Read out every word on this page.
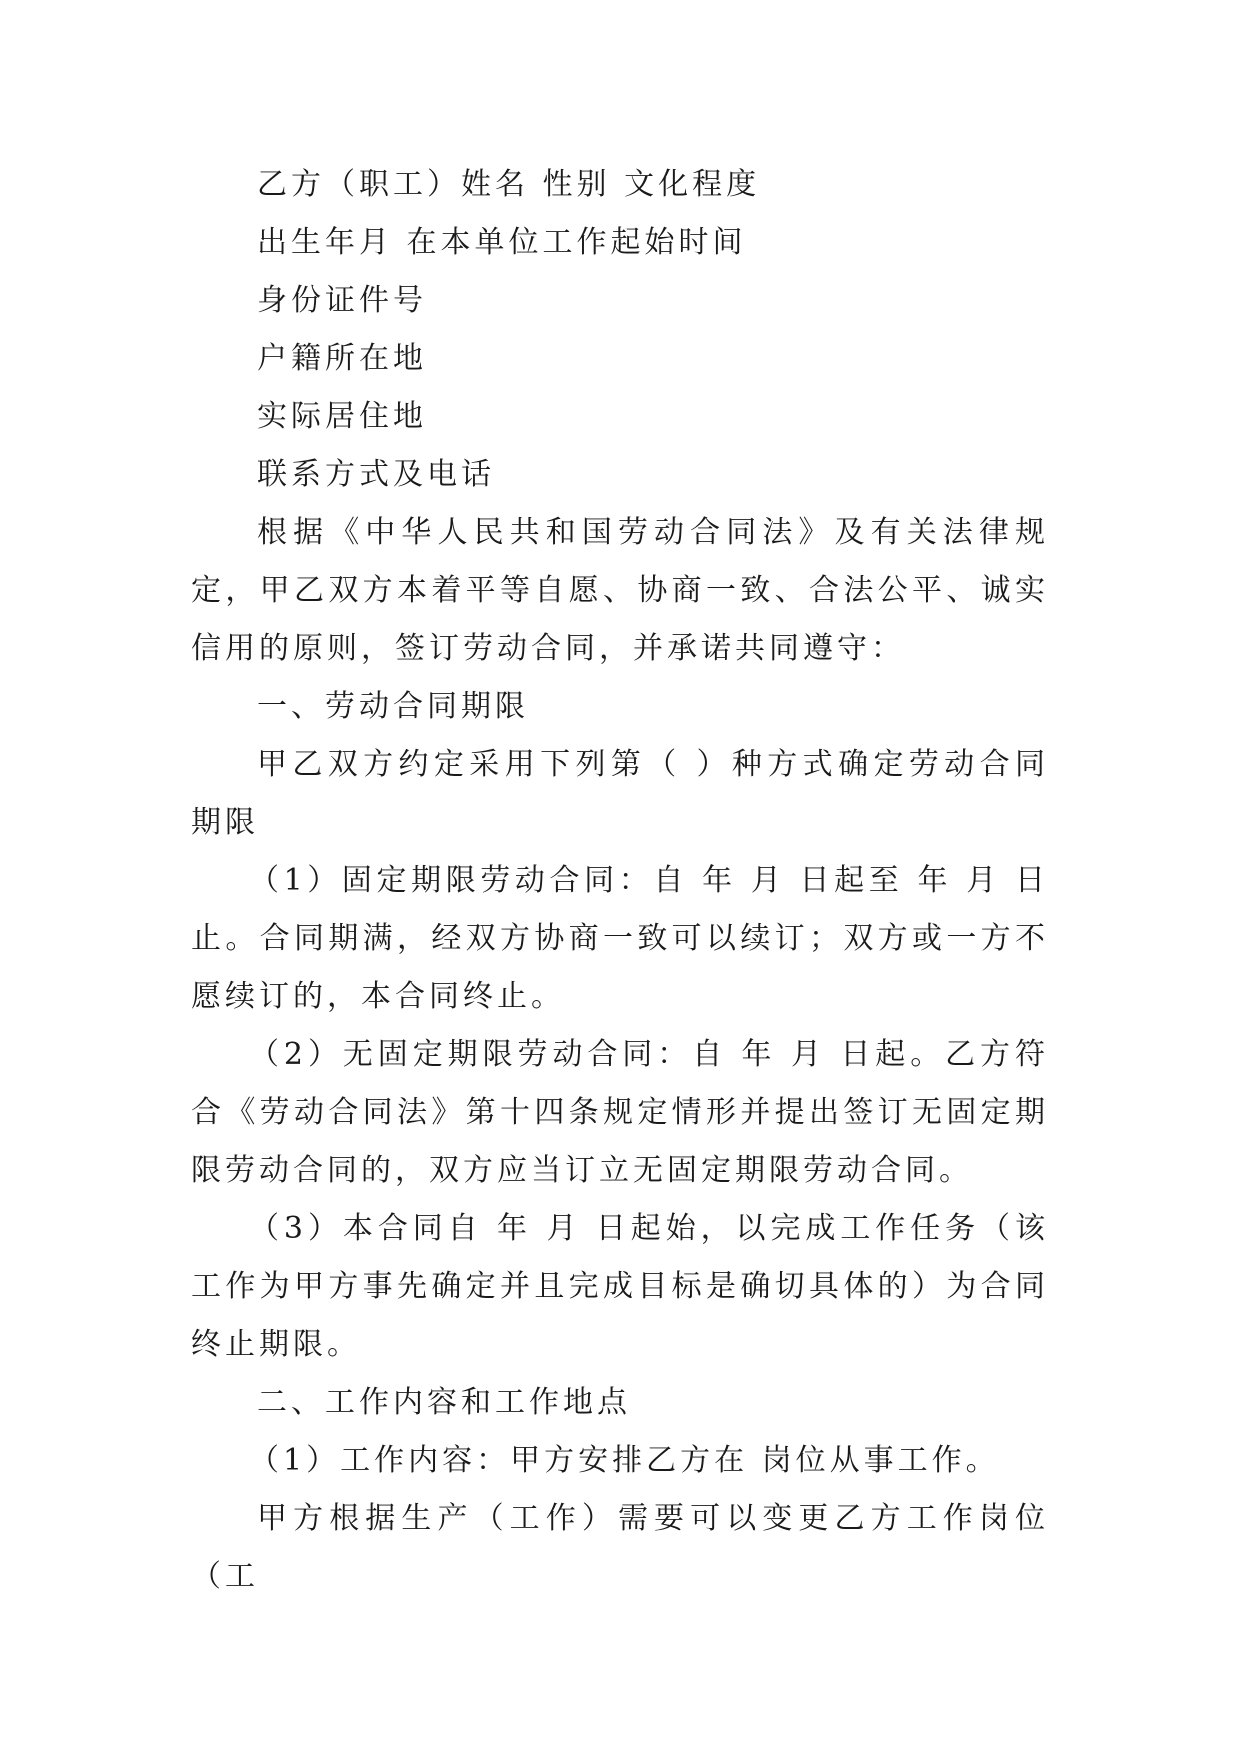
乙方（职工）姓名 性别 文化程度

出生年月 在本单位工作起始时间

身份证件号

户籍所在地

实际居住地

联系方式及电话

根据《中华人民共和国劳动合同法》及有关法律规定，甲乙双方本着平等自愿、协商一致、合法公平、诚实信用的原则，签订劳动合同，并承诺共同遵守：

一、劳动合同期限

甲乙双方约定采用下列第（ ）种方式确定劳动合同期限

（1）固定期限劳动合同：自 年 月 日起至 年 月 日止。合同期满，经双方协商一致可以续订；双方或一方不愿续订的，本合同终止。

（2）无固定期限劳动合同：自 年 月 日起。乙方符合《劳动合同法》第十四条规定情形并提出签订无固定期限劳动合同的，双方应当订立无固定期限劳动合同。

（3）本合同自 年 月 日起始，以完成工作任务（该工作为甲方事先确定并且完成目标是确切具体的）为合同终止期限。

二、工作内容和工作地点

（1）工作内容：甲方安排乙方在 岗位从事工作。

甲方根据生产（工作）需要可以变更乙方工作岗位（工
